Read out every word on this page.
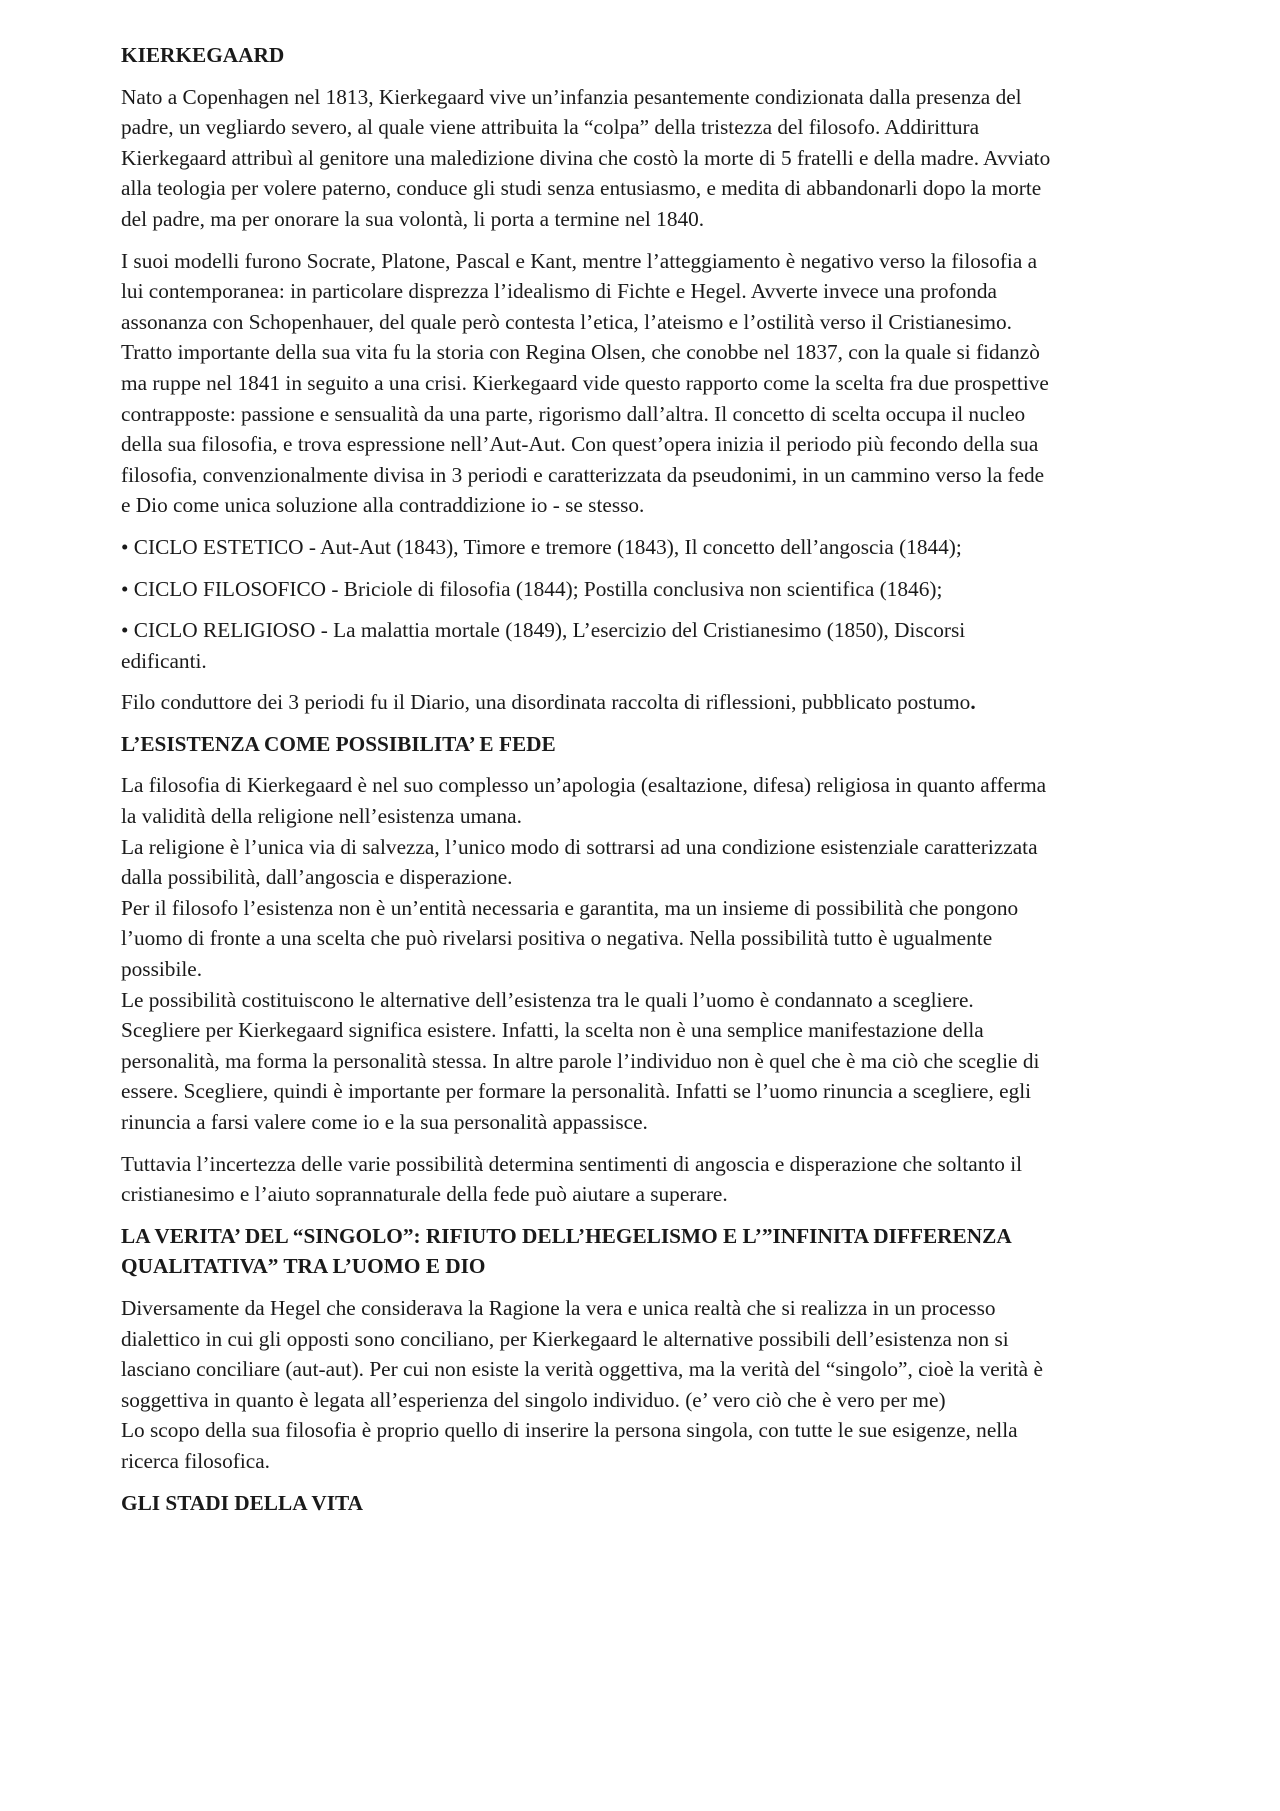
KIERKEGAARD

Nato a Copenhagen nel 1813, Kierkegaard vive un’infanzia pesantemente condizionata dalla presenza del
padre, un vegliardo severo, al quale viene attribuita la “colpa” della tristezza del filosofo. Addirittura
Kierkegaard attribuì al genitore una maledizione divina che costò la morte di 5 fratelli e della madre. Avviato
alla teologia per volere paterno, conduce gli studi senza entusiasmo, e medita di abbandonarli dopo la morte
del padre, ma per onorare la sua volontà, li porta a termine nel 1840.

I suoi modelli furono Socrate, Platone, Pascal e Kant, mentre l’atteggiamento è negativo verso la filosofia a
lui contemporanea: in particolare disprezza l’idealismo di Fichte e Hegel. Avverte invece una profonda
assonanza con Schopenhauer, del quale però contesta l’etica, l’ateismo e l’ostilità verso il Cristianesimo.
Tratto importante della sua vita fu la storia con Regina Olsen, che conobbe nel 1837, con la quale si fidanzò
ma ruppe nel 1841 in seguito a una crisi. Kierkegaard vide questo rapporto come la scelta fra due prospettive
contrapposte: passione e sensualità da una parte, rigorismo dall’altra. Il concetto di scelta occupa il nucleo
della sua filosofia, e trova espressione nell’Aut-Aut. Con quest’opera inizia il periodo più fecondo della sua
filosofia, convenzionalmente divisa in 3 periodi e caratterizzata da pseudonimi, in un cammino verso la fede
e Dio come unica soluzione alla contraddizione io - se stesso.

• CICLO ESTETICO - Aut-Aut (1843), Timore e tremore (1843), Il concetto dell’angoscia (1844);

• CICLO FILOSOFICO - Briciole di filosofia (1844); Postilla conclusiva non scientifica (1846);

• CICLO RELIGIOSO - La malattia mortale (1849), L’esercizio del Cristianesimo (1850), Discorsi
edificanti.

Filo conduttore dei 3 periodi fu il Diario, una disordinata raccolta di riflessioni, pubblicato postumo.

L’ESISTENZA COME POSSIBILITA’ E FEDE

La filosofia di Kierkegaard è nel suo complesso un’apologia (esaltazione, difesa) religiosa in quanto afferma
la validità della religione nell’esistenza umana.
La religione è l’unica via di salvezza, l’unico modo di sottrarsi ad una condizione esistenziale caratterizzata
dalla possibilità, dall’angoscia e disperazione.
Per il filosofo l’esistenza non è un’entità necessaria e garantita, ma un insieme di possibilità che pongono
l’uomo di fronte a una scelta che può rivelarsi positiva o negativa. Nella possibilità tutto è ugualmente
possibile.
Le possibilità costituiscono le alternative dell’esistenza tra le quali l’uomo è condannato a scegliere.
Scegliere per Kierkegaard significa esistere. Infatti, la scelta non è una semplice manifestazione della
personalità, ma forma la personalità stessa. In altre parole l’individuo non è quel che è ma ciò che sceglie di
essere. Scegliere, quindi è importante per formare la personalità. Infatti se l’uomo rinuncia a scegliere, egli
rinuncia a farsi valere come io e la sua personalità appassisce.

Tuttavia l’incertezza delle varie possibilità determina sentimenti di angoscia e disperazione che soltanto il
cristianesimo e l’aiuto soprannaturale della fede può aiutare a superare.

LA VERITA’ DEL “SINGOLO”: RIFIUTO DELL’HEGELISMO E L’”INFINITA DIFFERENZA
QUALITATIVA” TRA L’UOMO E DIO

Diversamente da Hegel che considerava la Ragione la vera e unica realtà che si realizza in un processo
dialettico in cui gli opposti sono conciliano, per Kierkegaard le alternative possibili dell’esistenza non si
lasciano conciliare (aut-aut). Per cui non esiste la verità oggettiva, ma la verità del “singolo”, cioè la verità è
soggettiva in quanto è legata all’esperienza del singolo individuo. (e’ vero ciò che è vero per me)
Lo scopo della sua filosofia è proprio quello di inserire la persona singola, con tutte le sue esigenze, nella
ricerca filosofica.

GLI STADI DELLA VITA
